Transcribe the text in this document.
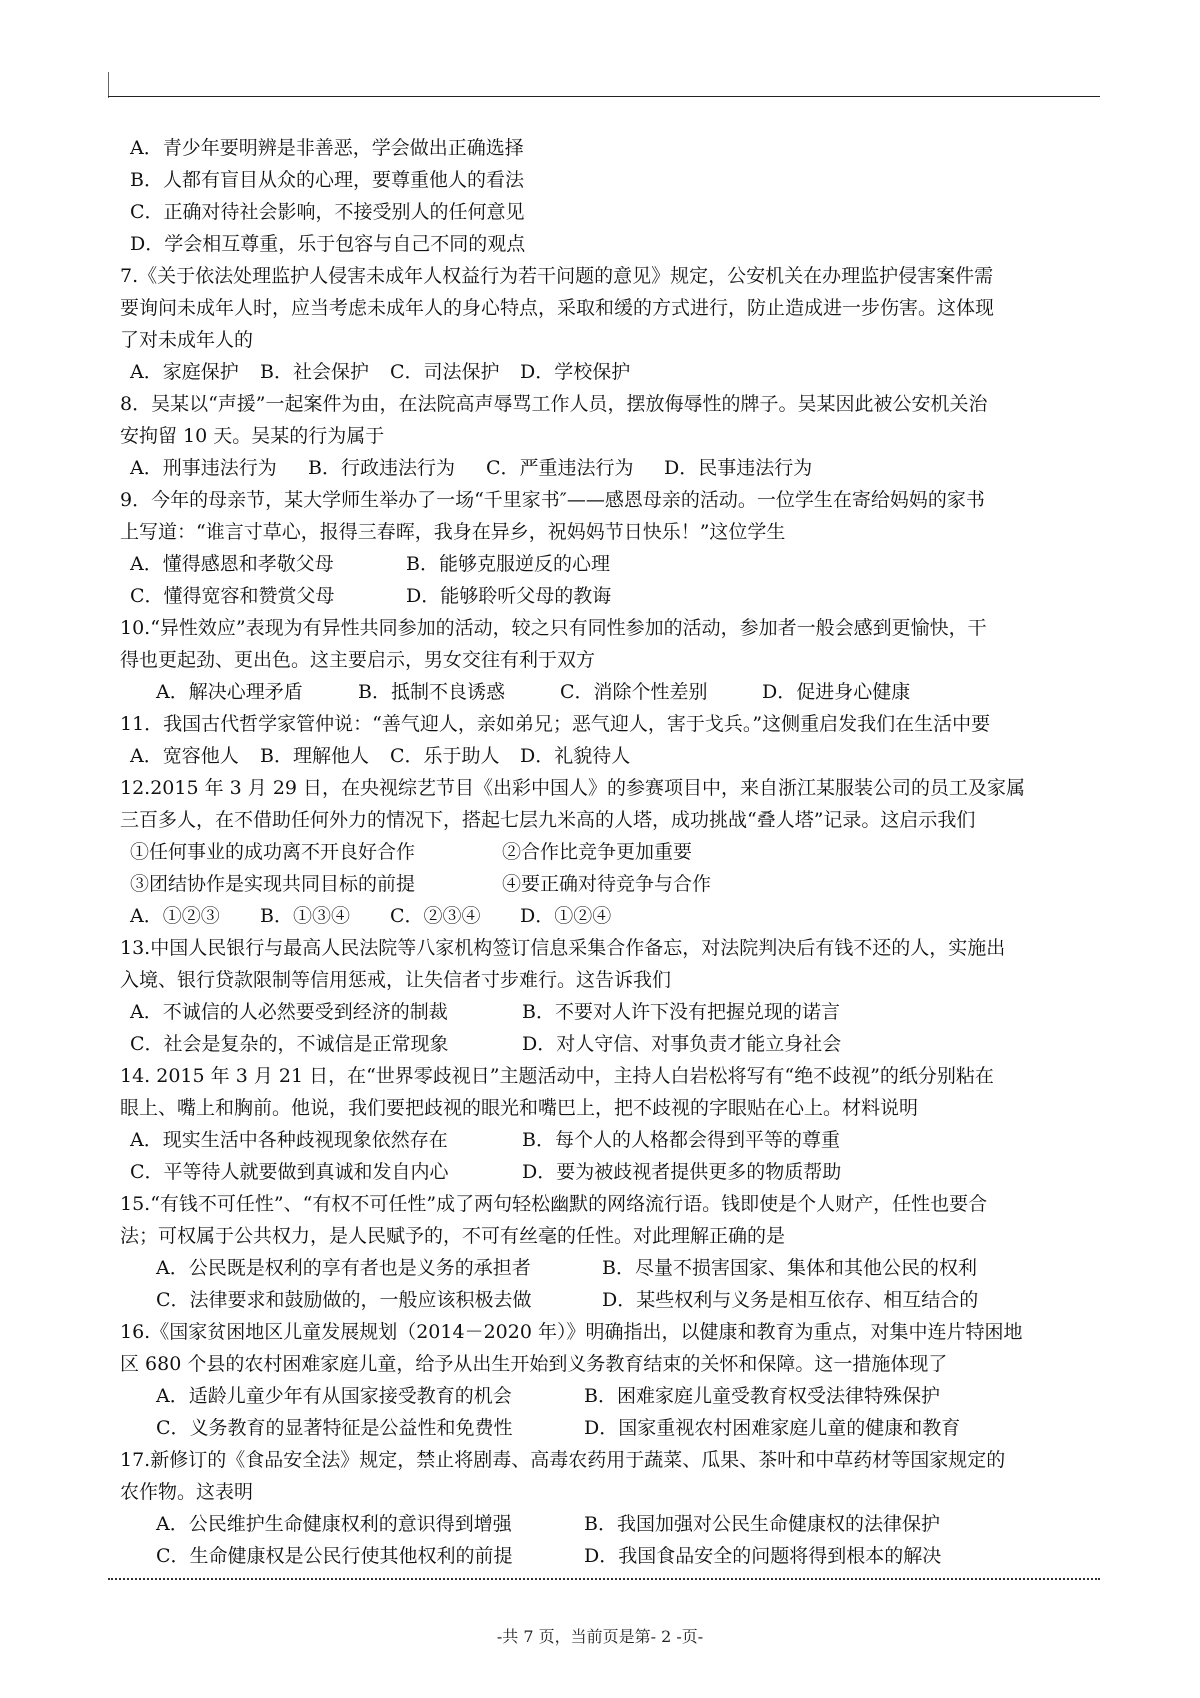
A．青少年要明辨是非善恶，学会做出正确选择
B．人都有盲目从众的心理，要尊重他人的看法
C．正确对待社会影响，不接受别人的任何意见
D．学会相互尊重，乐于包容与自己不同的观点
7.《关于依法处理监护人侵害未成年人权益行为若干问题的意见》规定，公安机关在办理监护侵害案件需
要询问未成年人时，应当考虑未成年人的身心特点，采取和缓的方式进行，防止造成进一步伤害。这体现
了对未成年人的
A．家庭保护	B．社会保护	C．司法保护	D．学校保护
8．吴某以“声援”一起案件为由，在法院高声辱骂工作人员，摆放侮辱性的牌子。吴某因此被公安机关治
安拘留 10 天。吴某的行为属于
A．刑事违法行为	B．行政违法行为	C．严重违法行为	D．民事违法行为
9．今年的母亲节，某大学师生举办了一场“千里家书″——感恩母亲的活动。一位学生在寄给妈妈的家书
上写道：“谁言寸草心，报得三春晖，我身在异乡，祝妈妈节日快乐！”这位学生
A．懂得感恩和孝敬父母	B．能够克服逆反的心理
C．懂得宽容和赞赏父母	D．能够聆听父母的教诲
10.“异性效应”表现为有异性共同参加的活动，较之只有同性参加的活动，参加者一般会感到更愉快，干
得也更起劲、更出色。这主要启示，男女交往有利于双方
A．解决心理矛盾	B．抵制不良诱惑	C．消除个性差别	D．促进身心健康
11．我国古代哲学家管仲说：“善气迎人，亲如弟兄；恶气迎人，害于戈兵。”这侧重启发我们在生活中要
A．宽容他人	B．理解他人	C．乐于助人	D．礼貌待人
12.2015 年 3 月 29 日，在央视综艺节目《出彩中国人》的参赛项目中，来自浙江某服装公司的员工及家属
三百多人，在不借助任何外力的情况下，搭起七层九米高的人塔，成功挑战“叠人塔”记录。这启示我们
①任何事业的成功离不开良好合作	②合作比竞争更加重要
③团结协作是实现共同目标的前提	④要正确对待竞争与合作
A．①②③	B．①③④	C．②③④	D．①②④
13.中国人民银行与最高人民法院等八家机构签订信息采集合作备忘，对法院判决后有钱不还的人，实施出
入境、银行贷款限制等信用惩戒，让失信者寸步难行。这告诉我们
A．不诚信的人必然要受到经济的制裁	B．不要对人许下没有把握兑现的诺言
C．社会是复杂的，不诚信是正常现象	D．对人守信、对事负责才能立身社会
14. 2015 年 3 月 21 日，在“世界零歧视日”主题活动中，主持人白岩松将写有“绝不歧视”的纸分别粘在
眼上、嘴上和胸前。他说，我们要把歧视的眼光和嘴巴上，把不歧视的字眼贴在心上。材料说明
A．现实生活中各种歧视现象依然存在	B．每个人的人格都会得到平等的尊重
C．平等待人就要做到真诚和发自内心	D．要为被歧视者提供更多的物质帮助
15.“有钱不可任性”、“有权不可任性”成了两句轻松幽默的网络流行语。钱即使是个人财产，任性也要合
法；可权属于公共权力，是人民赋予的，不可有丝毫的任性。对此理解正确的是
A．公民既是权利的享有者也是义务的承担者	B．尽量不损害国家、集体和其他公民的权利
C．法律要求和鼓励做的，一般应该积极去做	D．某些权利与义务是相互依存、相互结合的
16.《国家贫困地区儿童发展规划（2014－2020 年）》明确指出，以健康和教育为重点，对集中连片特困地
区 680 个县的农村困难家庭儿童，给予从出生开始到义务教育结束的关怀和保障。这一措施体现了
A．适龄儿童少年有从国家接受教育的机会	B．困难家庭儿童受教育权受法律特殊保护
C．义务教育的显著特征是公益性和免费性	D．国家重视农村困难家庭儿童的健康和教育
17.新修订的《食品安全法》规定，禁止将剧毒、高毒农药用于蔬菜、瓜果、茶叶和中草药材等国家规定的
农作物。这表明
A．公民维护生命健康权利的意识得到增强	B．我国加强对公民生命健康权的法律保护
C．生命健康权是公民行使其他权利的前提	D．我国食品安全的问题将得到根本的解决
-共 7 页，当前页是第- 2 -页-
